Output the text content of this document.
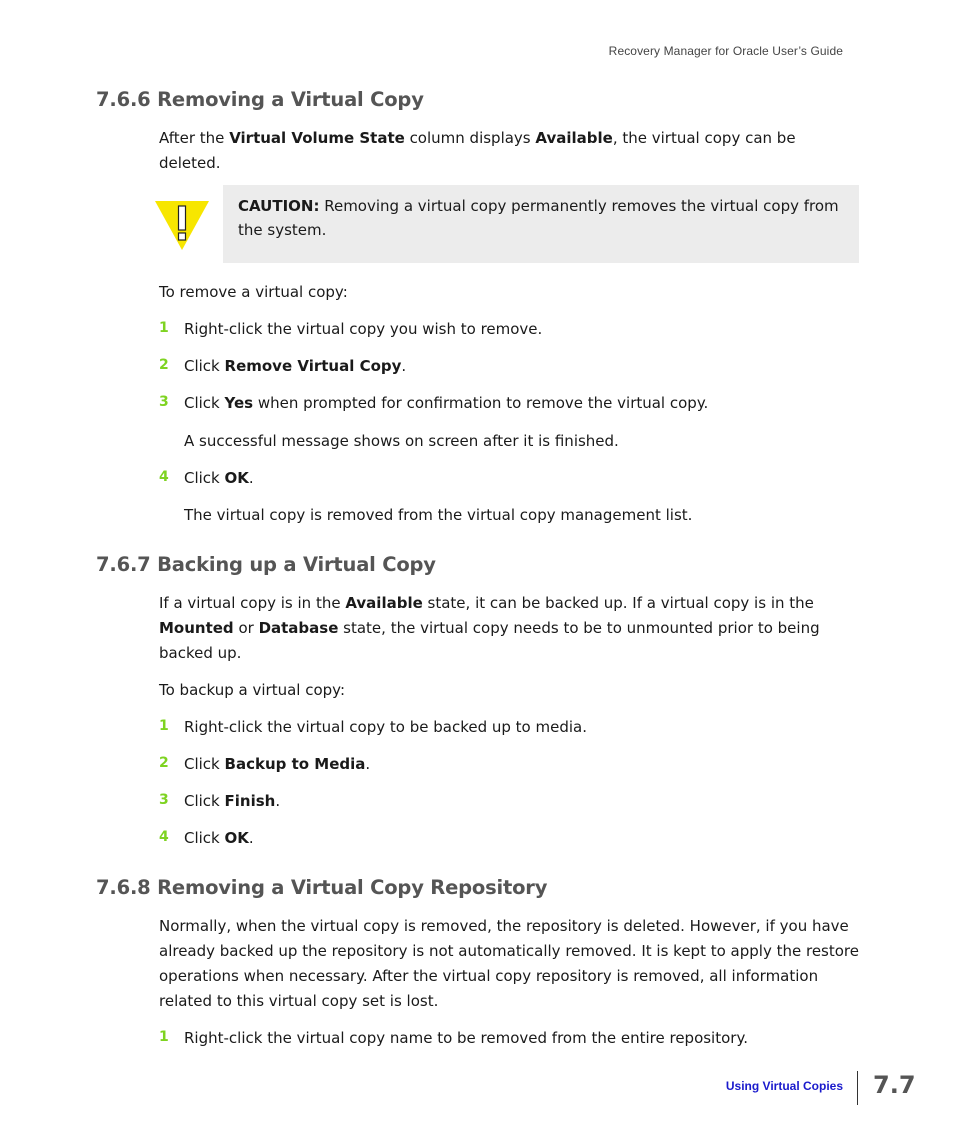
Recovery Manager for Oracle User’s Guide
7.6.6 Removing a Virtual Copy
After the Virtual Volume State column displays Available, the virtual copy can be deleted.
CAUTION: Removing a virtual copy permanently removes the virtual copy from the system.
To remove a virtual copy:
1 Right-click the virtual copy you wish to remove.
2 Click Remove Virtual Copy.
3 Click Yes when prompted for confirmation to remove the virtual copy.
A successful message shows on screen after it is finished.
4 Click OK.
The virtual copy is removed from the virtual copy management list.
7.6.7 Backing up a Virtual Copy
If a virtual copy is in the Available state, it can be backed up. If a virtual copy is in the Mounted or Database state, the virtual copy needs to be to unmounted prior to being backed up.
To backup a virtual copy:
1 Right-click the virtual copy to be backed up to media.
2 Click Backup to Media.
3 Click Finish.
4 Click OK.
7.6.8 Removing a Virtual Copy Repository
Normally, when the virtual copy is removed, the repository is deleted. However, if you have already backed up the repository is not automatically removed. It is kept to apply the restore operations when necessary. After the virtual copy repository is removed, all information related to this virtual copy set is lost.
1 Right-click the virtual copy name to be removed from the entire repository.
Using Virtual Copies 7.7
